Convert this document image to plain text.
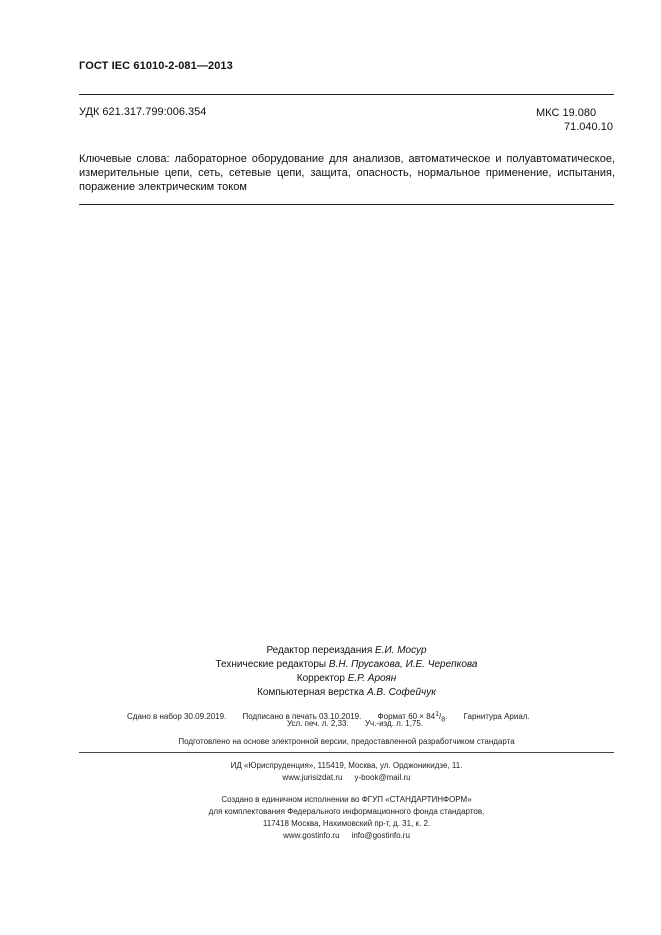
ГОСТ IEC 61010-2-081—2013
УДК 621.317.799:006.354	МКС 19.080
71.040.10
Ключевые слова: лабораторное оборудование для анализов, автоматическое и полуавтоматическое, измерительные цепи, сеть, сетевые цепи, защита, опасность, нормальное применение, испытания, поражение электрическим током
Редактор переиздания Е.И. Мосур
Технические редакторы В.Н. Прусакова, И.Е. Черепкова
Корректор Е.Р. Ароян
Компьютерная верстка А.В. Софейчук
Сдано в набор 30.09.2019. Подписано в печать 03.10.2019. Формат $60 \times 84^1/_8$. Гарнитура Ариал.
Усл. печ. л. 2,33. Уч.-изд. л. 1,75.
Подготовлено на основе электронной версии, предоставленной разработчиком стандарта
ИД «Юриспруденция», 115419, Москва, ул. Орджоникидзе, 11.
www.jurisizdat.ru y-book@mail.ru
Создано в единичном исполнении во ФГУП «СТАНДАРТИНФОРМ»
для комплектования Федерального информационного фонда стандартов,
117418 Москва, Нахимовский пр-т, д. 31, к. 2.
www.gostinfo.ru info@gostinfo.ru
